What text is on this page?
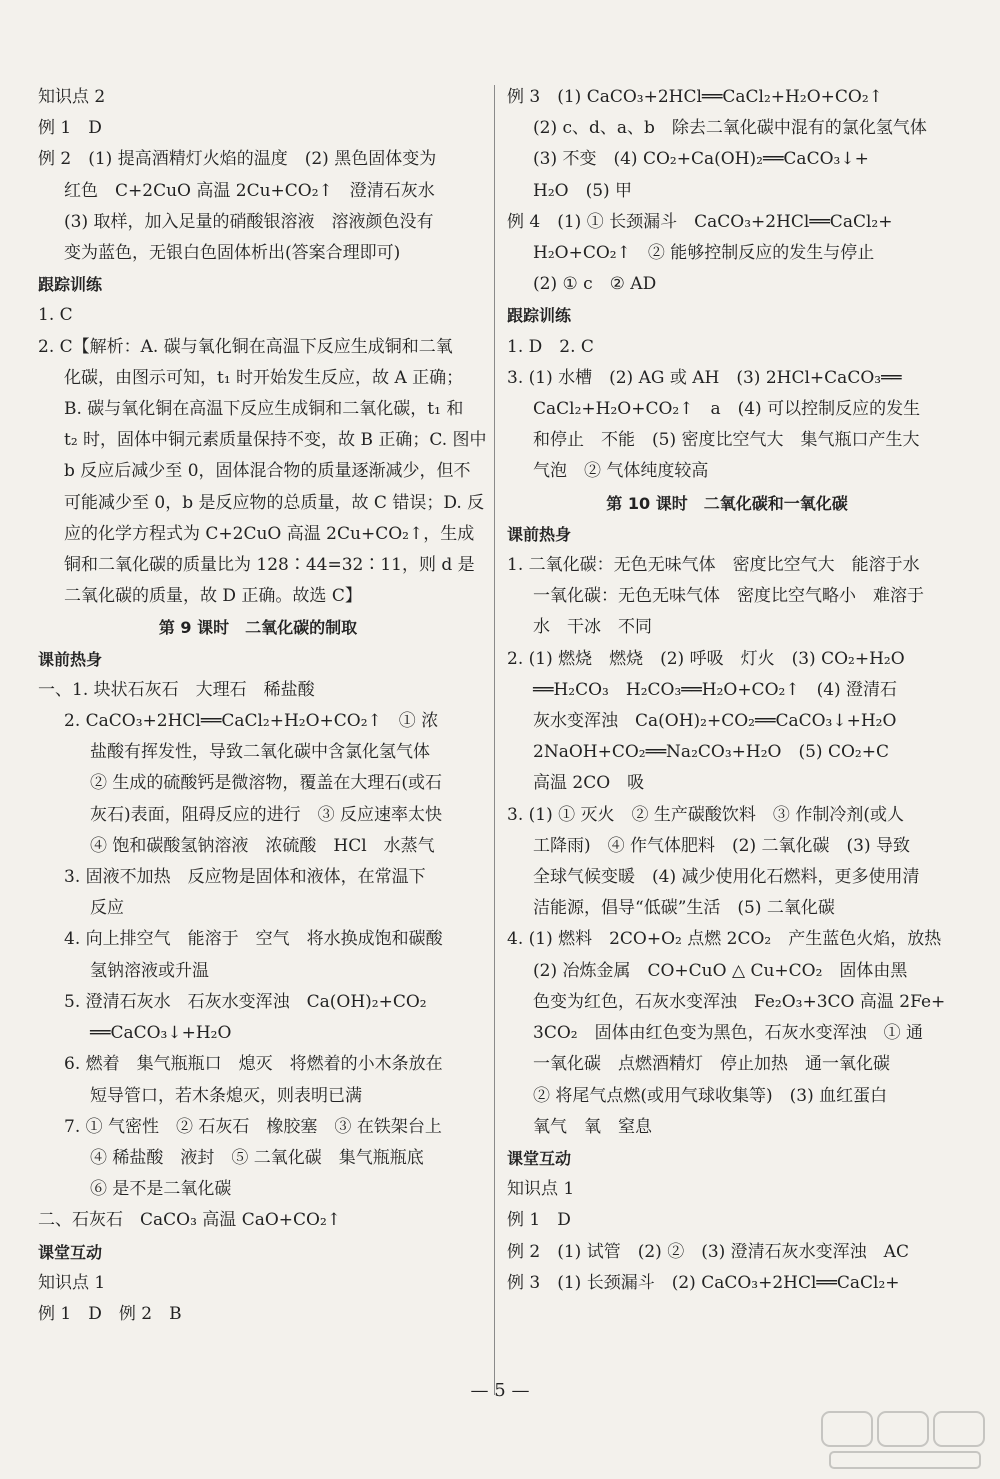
知识点 2
例 1　D
例 2　(1) 提高酒精灯火焰的温度　(2) 黑色固体变为
红色　C+2CuO 高温 2Cu+CO₂↑　澄清石灰水
(3) 取样，加入足量的硝酸银溶液　溶液颜色没有
变为蓝色，无银白色固体析出(答案合理即可)
跟踪训练
1. C
2. C【解析：A. 碳与氧化铜在高温下反应生成铜和二氧
化碳，由图示可知，t₁ 时开始发生反应，故 A 正确；
B. 碳与氧化铜在高温下反应生成铜和二氧化碳，t₁ 和
t₂ 时，固体中铜元素质量保持不变，故 B 正确；C. 图中
b 反应后减少至 0，固体混合物的质量逐渐减少，但不
可能减少至 0，b 是反应物的总质量，故 C 错误；D. 反
应的化学方程式为 C+2CuO 高温 2Cu+CO₂↑，生成
铜和二氧化碳的质量比为 128∶44=32∶11，则 d 是
二氧化碳的质量，故 D 正确。故选 C】
第 9 课时　二氧化碳的制取
课前热身
一、1. 块状石灰石　大理石　稀盐酸
2. CaCO₃+2HCl══CaCl₂+H₂O+CO₂↑　① 浓
盐酸有挥发性，导致二氧化碳中含氯化氢气体
② 生成的硫酸钙是微溶物，覆盖在大理石(或石
灰石)表面，阻碍反应的进行　③ 反应速率太快
④ 饱和碳酸氢钠溶液　浓硫酸　HCl　水蒸气
3. 固液不加热　反应物是固体和液体，在常温下
反应
4. 向上排空气　能溶于　空气　将水换成饱和碳酸
氢钠溶液或升温
5. 澄清石灰水　石灰水变浑浊　Ca(OH)₂+CO₂
══CaCO₃↓+H₂O
6. 燃着　集气瓶瓶口　熄灭　将燃着的小木条放在
短导管口，若木条熄灭，则表明已满
7. ① 气密性　② 石灰石　橡胶塞　③ 在铁架台上
④ 稀盐酸　液封　⑤ 二氧化碳　集气瓶瓶底
⑥ 是不是二氧化碳
二、石灰石　CaCO₃ 高温 CaO+CO₂↑
课堂互动
知识点 1
例 1　D　例 2　B
例 3　(1) CaCO₃+2HCl══CaCl₂+H₂O+CO₂↑
(2) c、d、a、b　除去二氧化碳中混有的氯化氢气体
(3) 不变　(4) CO₂+Ca(OH)₂══CaCO₃↓+
H₂O　(5) 甲
例 4　(1) ① 长颈漏斗　CaCO₃+2HCl══CaCl₂+
H₂O+CO₂↑　② 能够控制反应的发生与停止
(2) ① c　② AD
跟踪训练
1. D　2. C
3. (1) 水槽　(2) AG 或 AH　(3) 2HCl+CaCO₃══
CaCl₂+H₂O+CO₂↑　a　(4) 可以控制反应的发生
和停止　不能　(5) 密度比空气大　集气瓶口产生大
气泡　② 气体纯度较高
第 10 课时　二氧化碳和一氧化碳
课前热身
1. 二氧化碳：无色无味气体　密度比空气大　能溶于水
一氧化碳：无色无味气体　密度比空气略小　难溶于
水　干冰　不同
2. (1) 燃烧　燃烧　(2) 呼吸　灯火　(3) CO₂+H₂O
══H₂CO₃　H₂CO₃══H₂O+CO₂↑　(4) 澄清石
灰水变浑浊　Ca(OH)₂+CO₂══CaCO₃↓+H₂O
2NaOH+CO₂══Na₂CO₃+H₂O　(5) CO₂+C
高温 2CO　吸
3. (1) ① 灭火　② 生产碳酸饮料　③ 作制冷剂(或人
工降雨)　④ 作气体肥料　(2) 二氧化碳　(3) 导致
全球气候变暖　(4) 减少使用化石燃料，更多使用清
洁能源，倡导“低碳”生活　(5) 二氧化碳
4. (1) 燃料　2CO+O₂ 点燃 2CO₂　产生蓝色火焰，放热
(2) 冶炼金属　CO+CuO △ Cu+CO₂　固体由黑
色变为红色，石灰水变浑浊　Fe₂O₃+3CO 高温 2Fe+
3CO₂　固体由红色变为黑色，石灰水变浑浊　① 通
一氧化碳　点燃酒精灯　停止加热　通一氧化碳
② 将尾气点燃(或用气球收集等)　(3) 血红蛋白
氧气　氧　窒息
课堂互动
知识点 1
例 1　D
例 2　(1) 试管　(2) ②　(3) 澄清石灰水变浑浊　AC
例 3　(1) 长颈漏斗　(2) CaCO₃+2HCl══CaCl₂+
— 5 —
